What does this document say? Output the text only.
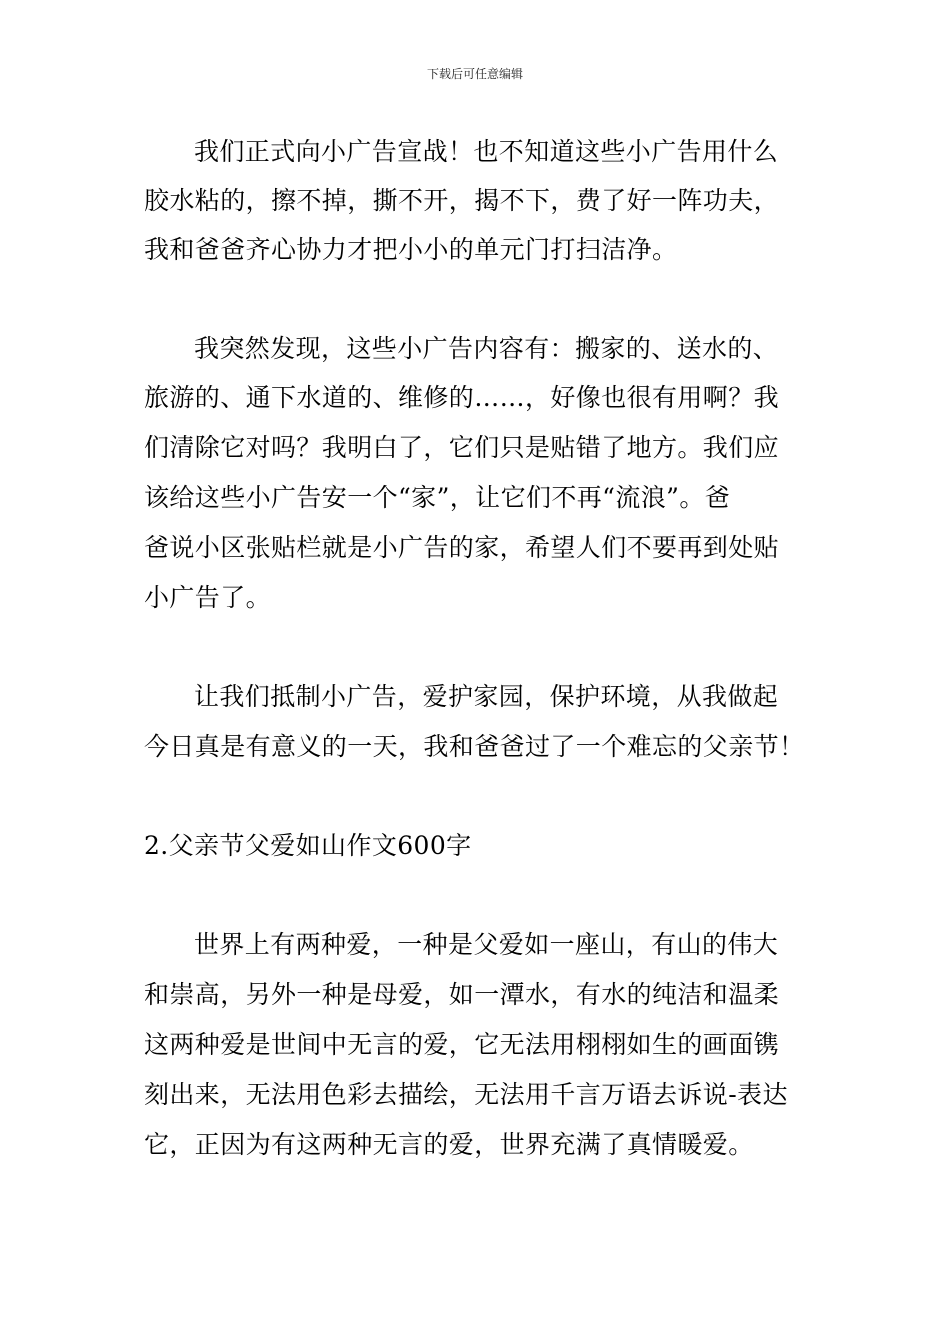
下载后可任意编辑
我们正式向小广告宣战！也不知道这些小广告用什么
胶水粘的，擦不掉，撕不开，揭不下，费了好一阵功夫，
我和爸爸齐心协力才把小小的单元门打扫洁净。
我突然发现，这些小广告内容有：搬家的、送水的、
旅游的、通下水道的、维修的……，好像也很有用啊？我
们清除它对吗？我明白了，它们只是贴错了地方。我们应
该给这些小广告安一个“家”，让它们不再“流浪”。爸
爸说小区张贴栏就是小广告的家，希望人们不要再到处贴
小广告了。
让我们抵制小广告，爱护家园，保护环境，从我做起
今日真是有意义的一天，我和爸爸过了一个难忘的父亲节！
2.父亲节父爱如山作文600字
世界上有两种爱，一种是父爱如一座山，有山的伟大
和崇高，另外一种是母爱，如一潭水，有水的纯洁和温柔
这两种爱是世间中无言的爱，它无法用栩栩如生的画面镌
刻出来，无法用色彩去描绘，无法用千言万语去诉说-表达
它，正因为有这两种无言的爱，世界充满了真情暖爱。
